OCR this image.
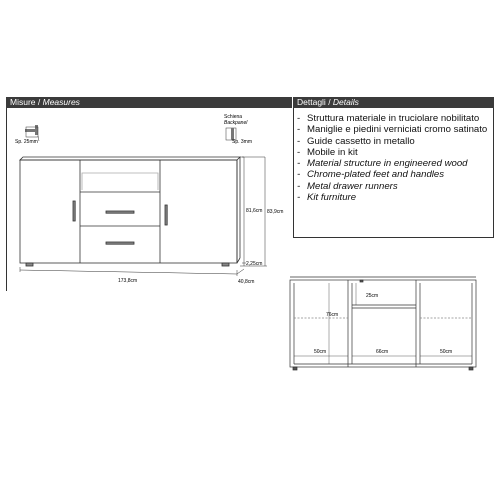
Misure / Measures	Dettagli / Details
- Struttura materiale in truciolare nobilitato
- Maniglie e piedini verniciati cromo satinato
- Guide cassetto in metallo
- Mobile in kit
- Material structure in engineered wood
- Chrome-plated feet and handles
- Metal drawer runners
- Kit furniture
Sp. 25mm
Schiena
Backpanel
Sp. 3mm
81,6cm 83,9cm
2,25cm
173,8cm	40,8cm
25cm
76cm
50cm	66cm	50cm
